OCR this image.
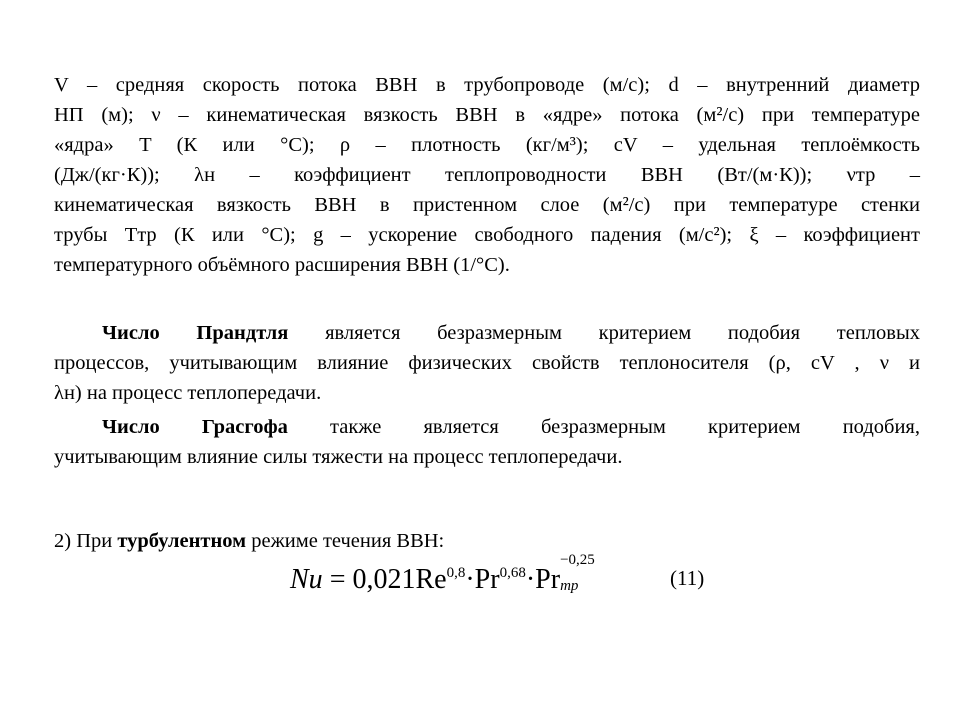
V – средняя скорость потока ВВН в трубопроводе (м/с); d – внутренний диаметр
НП (м); ν – кинематическая вязкость ВВН в «ядре» потока (м²/с) при температуре
«ядра» T (К или °С); ρ – плотность (кг/м³); cV – удельная теплоёмкость
(Дж/(кг·К)); λн – коэффициент теплопроводности ВВН (Вт/(м·К)); νтр –
кинематическая вязкость ВВН в пристенном слое (м²/с) при температуре стенки
трубы Tтр (К или °С); g – ускорение свободного падения (м/с²); ξ – коэффициент
температурного объёмного расширения ВВН (1/°С).
Число Прандтля является безразмерным критерием подобия тепловых
процессов, учитывающим влияние физических свойств теплоносителя (ρ, cV , ν и
λн) на процесс теплопередачи.
Число Грасгофа также является безразмерным критерием подобия,
учитывающим влияние силы тяжести на процесс теплопередачи.
2) При турбулентном режиме течения ВВН:
Nu = 0,021Re$^{0,8}$·Pr$^{0,68}$·Pr
−0,25
тр	(11)
